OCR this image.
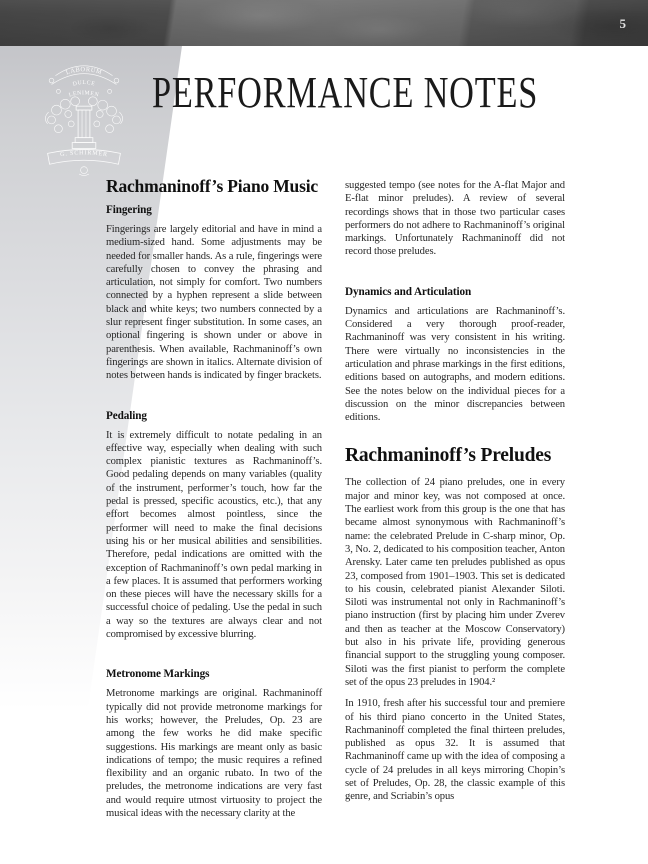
5
LABORUM
DULCE
LENIMEN
G. SCHIRMER
PERFORMANCE NOTES
Rachmaninoff’s Piano Music
Fingering

Fingerings are largely editorial and have in mind a medium-sized hand. Some adjustments may be needed for smaller hands. As a rule, fingerings were carefully chosen to convey the phrasing and articulation, not simply for comfort. Two numbers connected by a hyphen represent a slide between black and white keys; two numbers connected by a slur represent finger substitution. In some cases, an optional fingering is shown under or above in parenthesis. When available, Rachmaninoff’s own fingerings are shown in italics. Alternate division of notes between hands is indicated by finger brackets.

Pedaling

It is extremely difficult to notate pedaling in an effective way, especially when dealing with such complex pianistic textures as Rachmaninoff’s. Good pedaling depends on many variables (quality of the instrument, performer’s touch, how far the pedal is pressed, specific acoustics, etc.), that any effort becomes almost pointless, since the performer will need to make the final decisions using his or her musical abilities and sensibilities. Therefore, pedal indications are omitted with the exception of Rachmaninoff’s own pedal marking in a few places. It is assumed that performers working on these pieces will have the necessary skills for a successful choice of pedaling. Use the pedal in such a way so the textures are always clear and not compromised by excessive blurring.

Metronome Markings

Metronome markings are original. Rachmaninoff typically did not provide metronome markings for his works; however, the Preludes, Op. 23 are among the few works he did make specific suggestions. His markings are meant only as basic indications of tempo; the music requires a refined flexibility and an organic rubato. In two of the preludes, the metronome indications are very fast and would require utmost virtuosity to project the musical ideas with the necessary clarity at the

suggested tempo (see notes for the A-flat Major and E-flat minor preludes). A review of several recordings shows that in those two particular cases performers do not adhere to Rachmaninoff’s original markings. Unfortunately Rachmaninoff did not record those preludes.

Dynamics and Articulation

Dynamics and articulations are Rachmaninoff’s. Considered a very thorough proof-reader, Rachmaninoff was very consistent in his writing. There were virtually no inconsistencies in the articulation and phrase markings in the first editions, editions based on autographs, and modern editions. See the notes below on the individual pieces for a discussion on the minor discrepancies between editions.

Rachmaninoff’s Preludes

The collection of 24 piano preludes, one in every major and minor key, was not composed at once. The earliest work from this group is the one that has became almost synonymous with Rachmaninoff’s name: the celebrated Prelude in C-sharp minor, Op. 3, No. 2, dedicated to his composition teacher, Anton Arensky. Later came ten preludes published as opus 23, composed from 1901–1903. This set is dedicated to his cousin, celebrated pianist Alexander Siloti. Siloti was instrumental not only in Rachmaninoff’s piano instruction (first by placing him under Zverev and then as teacher at the Moscow Conservatory) but also in his private life, providing generous financial support to the struggling young composer. Siloti was the first pianist to perform the complete set of the opus 23 preludes in 1904.²

In 1910, fresh after his successful tour and premiere of his third piano concerto in the United States, Rachmaninoff completed the final thirteen preludes, published as opus 32. It is assumed that Rachmaninoff came up with the idea of composing a cycle of 24 preludes in all keys mirroring Chopin’s set of Preludes, Op. 28, the classic example of this genre, and Scriabin’s opus
